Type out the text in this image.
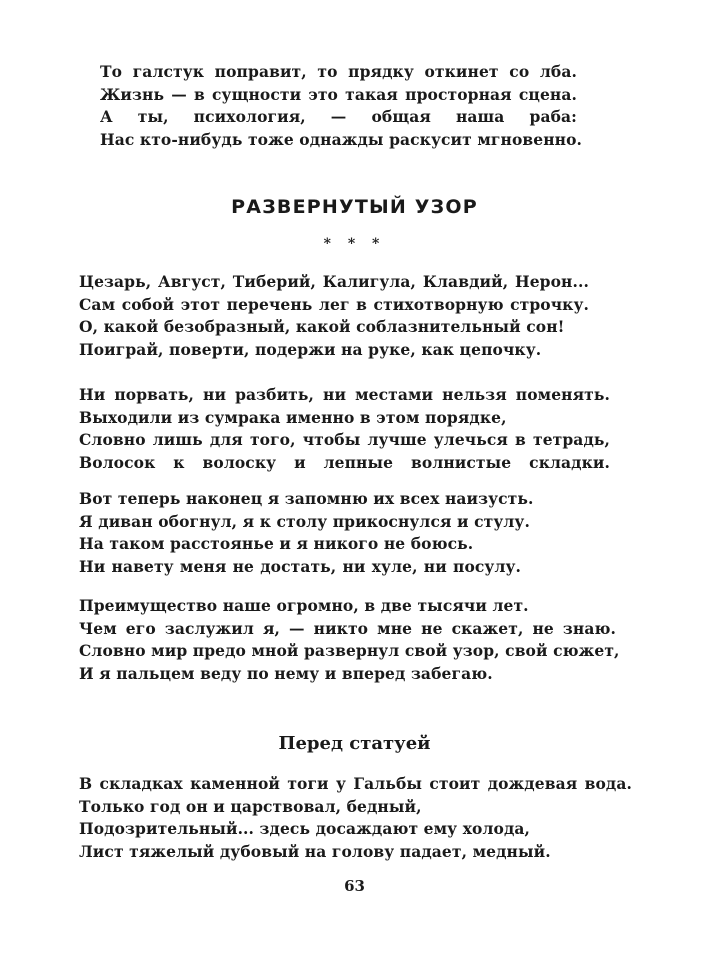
То галстук поправит, то прядку откинет со лба.
Жизнь — в сущности это такая просторная сцена.
А ты, психология, — общая наша раба:
Нас кто-нибудь тоже однажды раскусит мгновенно.
РАЗВЕРНУТЫЙ УЗОР
* * *
Цезарь, Август, Тиберий, Калигула, Клавдий, Нерон...
Сам собой этот перечень лег в стихотворную строчку.
О, какой безобразный, какой соблазнительный сон!
Поиграй, поверти, подержи на руке, как цепочку.
Ни порвать, ни разбить, ни местами нельзя поменять.
Выходили из сумрака именно в этом порядке,
Словно лишь для того, чтобы лучше улечься в тетрадь,
Волосок к волоску и лепные волнистые складки.
Вот теперь наконец я запомню их всех наизусть.
Я диван обогнул, я к столу прикоснулся и стулу.
На таком расстоянье и я никого не боюсь.
Ни навету меня не достать, ни хуле, ни посулу.
Преимущество наше огромно, в две тысячи лет.
Чем его заслужил я, — никто мне не скажет, не знаю.
Словно мир предо мной развернул свой узор, свой сюжет,
И я пальцем веду по нему и вперед забегаю.
Перед статуей
В складках каменной тоги у Гальбы стоит дождевая вода.
Только год он и царствовал, бедный,
Подозрительный... здесь досаждают ему холода,
Лист тяжелый дубовый на голову падает, медный.
63
